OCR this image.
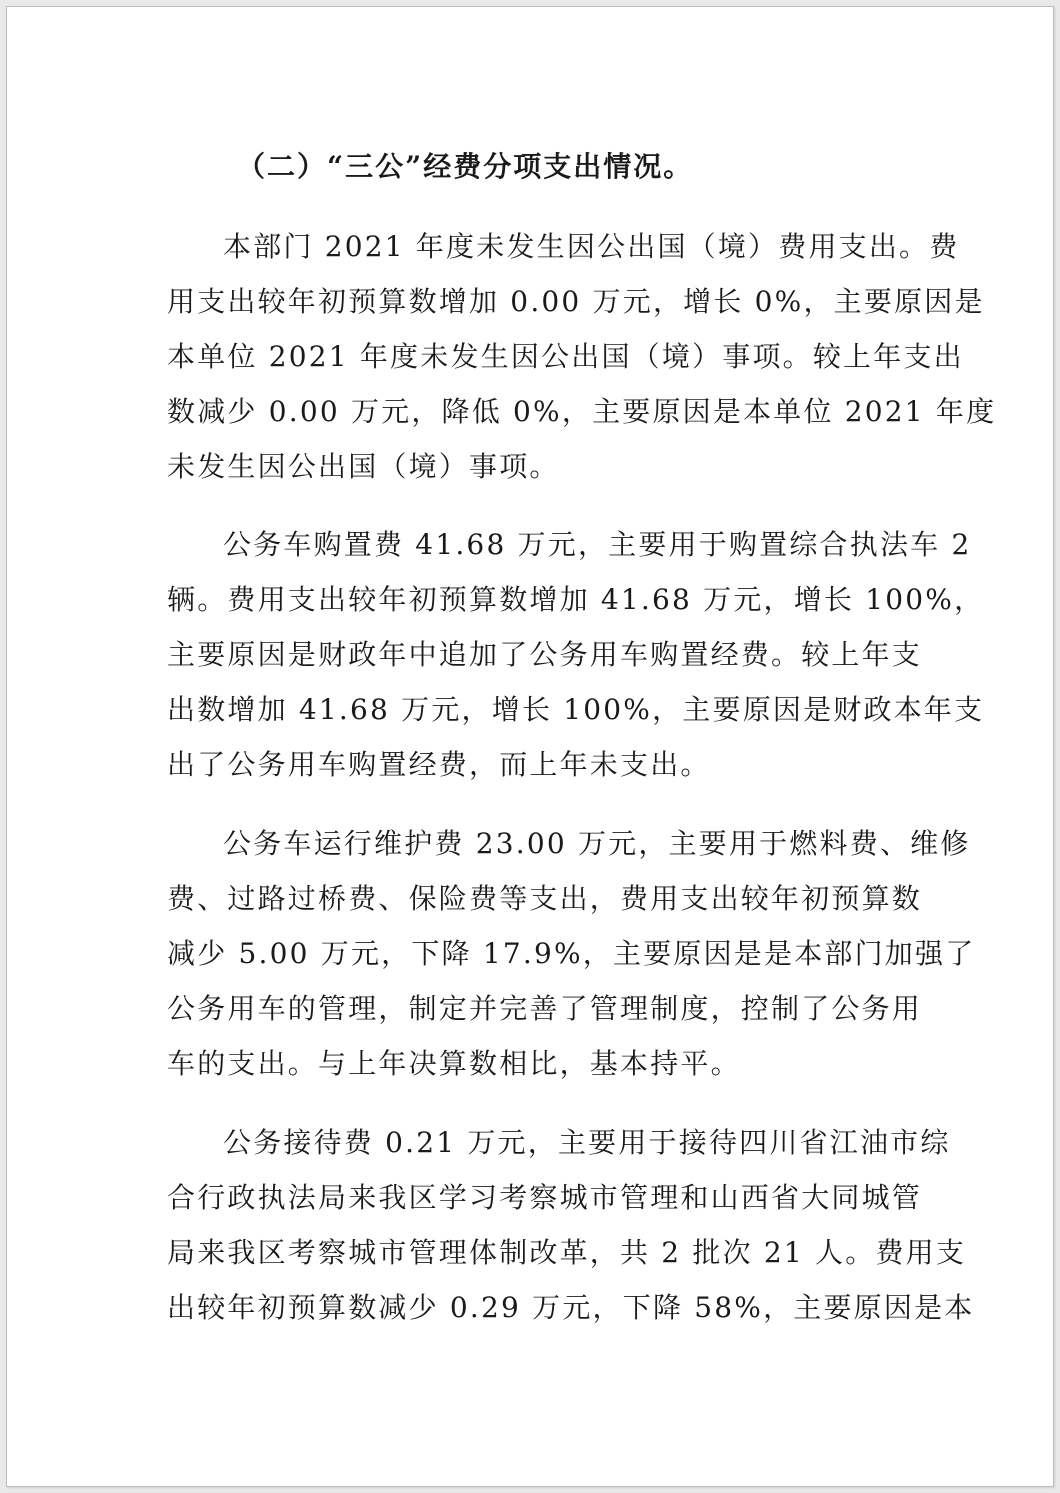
（二）“三公”经费分项支出情况。
本部门 2021 年度未发生因公出国（境）费用支出。费
用支出较年初预算数增加 0.00 万元，增长 0%，主要原因是
本单位 2021 年度未发生因公出国（境）事项。较上年支出
数减少 0.00 万元，降低 0%，主要原因是本单位 2021 年度
未发生因公出国（境）事项。
公务车购置费 41.68 万元，主要用于购置综合执法车 2
辆。费用支出较年初预算数增加 41.68 万元，增长 100%，
主要原因是财政年中追加了公务用车购置经费。较上年支
出数增加 41.68 万元，增长 100%，主要原因是财政本年支
出了公务用车购置经费，而上年未支出。
公务车运行维护费 23.00 万元，主要用于燃料费、维修
费、过路过桥费、保险费等支出，费用支出较年初预算数
减少 5.00 万元，下降 17.9%，主要原因是是本部门加强了
公务用车的管理，制定并完善了管理制度，控制了公务用
车的支出。与上年决算数相比，基本持平。
公务接待费 0.21 万元，主要用于接待四川省江油市综
合行政执法局来我区学习考察城市管理和山西省大同城管
局来我区考察城市管理体制改革，共 2 批次 21 人。费用支
出较年初预算数减少 0.29 万元，下降 58%，主要原因是本
